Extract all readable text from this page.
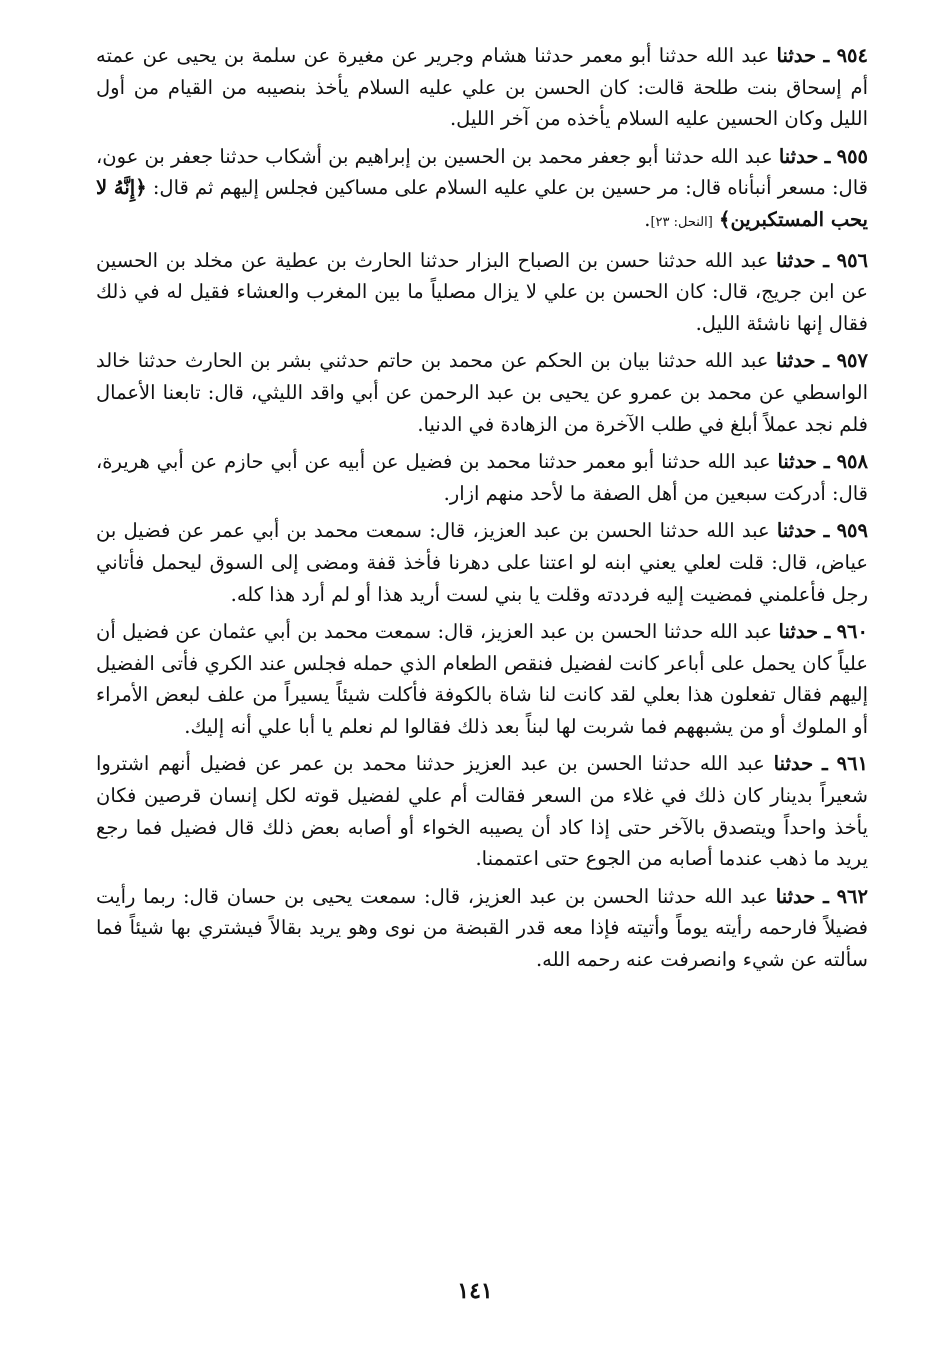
٩٥٤ ـ حدثنا عبد الله حدثنا أبو معمر حدثنا هشام وجرير عن مغيرة عن سلمة بن يحيى عن عمته أم إسحاق بنت طلحة قالت: كان الحسن بن علي عليه السلام يأخذ بنصيبه من القيام من أول الليل وكان الحسين عليه السلام يأخذه من آخر الليل.

٩٥٥ ـ حدثنا عبد الله حدثنا أبو جعفر محمد بن الحسين بن إبراهيم بن أشكاب حدثنا جعفر بن عون، قال: مسعر أنبأناه قال: مر حسين بن علي عليه السلام على مساكين فجلس إليهم ثم قال: ﴿إِنَّهُ لا يحب المستكبرين﴾ [النحل: ٢٣].

٩٥٦ ـ حدثنا عبد الله حدثنا حسن بن الصباح البزار حدثنا الحارث بن عطية عن مخلد بن الحسين عن ابن جريج، قال: كان الحسن بن علي لا يزال مصلياً ما بين المغرب والعشاء فقيل له في ذلك فقال إنها ناشئة الليل.

٩٥٧ ـ حدثنا عبد الله حدثنا بيان بن الحكم عن محمد بن حاتم حدثني بشر بن الحارث حدثنا خالد الواسطي عن محمد بن عمرو عن يحيى بن عبد الرحمن عن أبي واقد الليثي، قال: تابعنا الأعمال فلم نجد عملاً أبلغ في طلب الآخرة من الزهادة في الدنيا.

٩٥٨ ـ حدثنا عبد الله حدثنا أبو معمر حدثنا محمد بن فضيل عن أبيه عن أبي حازم عن أبي هريرة، قال: أدركت سبعين من أهل الصفة ما لأحد منهم ازار.

٩٥٩ ـ حدثنا عبد الله حدثنا الحسن بن عبد العزيز، قال: سمعت محمد بن أبي عمر عن فضيل بن عياض، قال: قلت لعلي يعني ابنه لو اعتنا على دهرنا فأخذ قفة ومضى إلى السوق ليحمل فأتاني رجل فأعلمني فمضيت إليه فرددته وقلت يا بني لست أريد هذا أو لم أرد هذا كله.

٩٦٠ ـ حدثنا عبد الله حدثنا الحسن بن عبد العزيز، قال: سمعت محمد بن أبي عثمان عن فضيل أن علياً كان يحمل على أباعر كانت لفضيل فنقص الطعام الذي حمله فجلس عند الكري فأتى الفضيل إليهم فقال تفعلون هذا بعلي لقد كانت لنا شاة بالكوفة فأكلت شيئاً يسيراً من علف لبعض الأمراء أو الملوك أو من يشبههم فما شربت لها لبناً بعد ذلك فقالوا لم نعلم يا أبا علي أنه إليك.

٩٦١ ـ حدثنا عبد الله حدثنا الحسن بن عبد العزيز حدثنا محمد بن عمر عن فضيل أنهم اشتروا شعيراً بدينار كان ذلك في غلاء من السعر فقالت أم علي لفضيل قوته لكل إنسان قرصين فكان يأخذ واحداً ويتصدق بالآخر حتى إذا كاد أن يصيبه الخواء أو أصابه بعض ذلك قال فضيل فما رجع يريد ما ذهب عندما أصابه من الجوع حتى اعتممنا.

٩٦٢ ـ حدثنا عبد الله حدثنا الحسن بن عبد العزيز، قال: سمعت يحيى بن حسان قال: ربما رأيت فضيلاً فارحمه رأيته يوماً وأتيته فإذا معه قدر القبضة من نوى وهو يريد بقالاً فيشتري بها شيئاً فما سألته عن شيء وانصرفت عنه رحمه الله.

١٤١
